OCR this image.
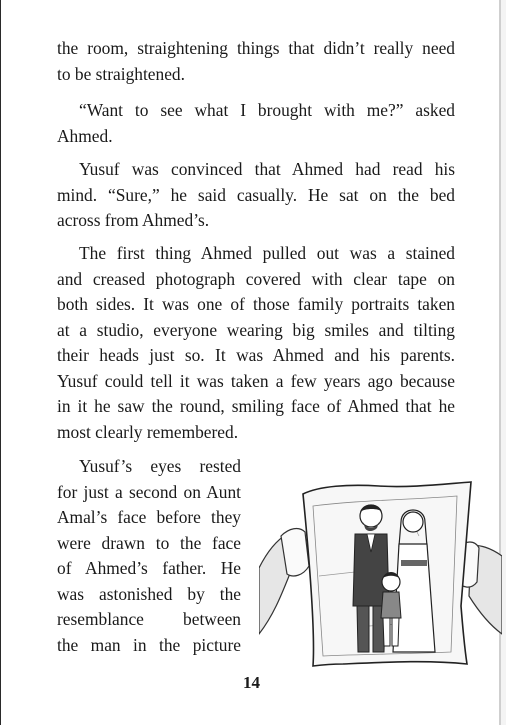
the room, straightening things that didn’t really need
to be straightened.

“Want to see what I brought with me?” asked
Ahmed.

Yusuf was convinced that Ahmed had read his
mind. “Sure,” he said casually. He sat on the bed
across from Ahmed’s.

The first thing Ahmed pulled out was a stained
and creased photograph covered with clear tape on
both sides. It was one of those family portraits taken
at a studio, everyone wearing big smiles and tilting
their heads just so. It was Ahmed and his parents.
Yusuf could tell it was taken a few years ago because
in it he saw the round, smiling face of Ahmed that he
most clearly remembered.

Yusuf’s eyes rested
for just a second on Aunt
Amal’s face before they
were drawn to the face
of Ahmed’s father. He
was astonished by the
resemblance between
the man in the picture

14
